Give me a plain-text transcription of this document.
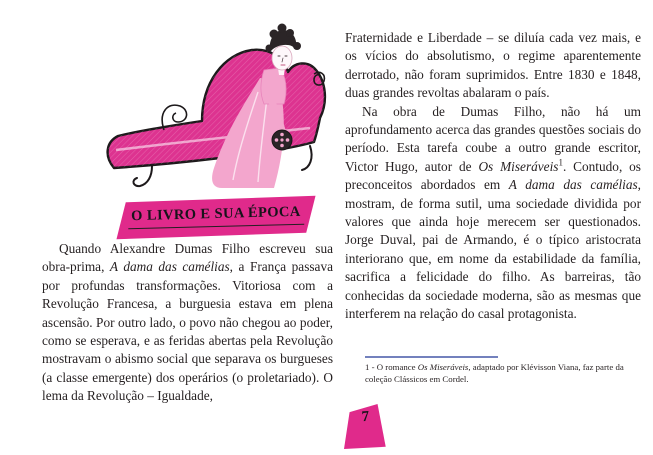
O LIVRO E SUA ÉPOCA

Quando Alexandre Dumas Filho escreveu sua obra-prima, A dama das camélias, a França passava por profundas transformações. Vitoriosa com a Revolução Francesa, a burguesia estava em plena ascensão. Por outro lado, o povo não chegou ao poder, como se esperava, e as feridas abertas pela Revolução mostravam o abismo social que separava os burgueses (a classe emergente) dos operários (o proletariado). O lema da Revolução – Igualdade,

Fraternidade e Liberdade – se diluía cada vez mais, e os vícios do absolutismo, o regime aparentemente derrotado, não foram suprimidos. Entre 1830 e 1848, duas grandes revoltas abalaram o país.

Na obra de Dumas Filho, não há um aprofundamento acerca das grandes questões sociais do período. Esta tarefa coube a outro grande escritor, Victor Hugo, autor de Os Miseráveis$^1$. Contudo, os preconceitos abordados em A dama das camélias, mostram, de forma sutil, uma sociedade dividida por valores que ainda hoje merecem ser questionados. Jorge Duval, pai de Armando, é o típico aristocrata interiorano que, em nome da estabilidade da família, sacrifica a felicidade do filho. As barreiras, tão conhecidas da sociedade moderna, são as mesmas que interferem na relação do casal protagonista.

1 - O romance Os Miseráveis, adaptado por Klévisson Viana, faz parte da coleção Clássicos em Cordel.

7
